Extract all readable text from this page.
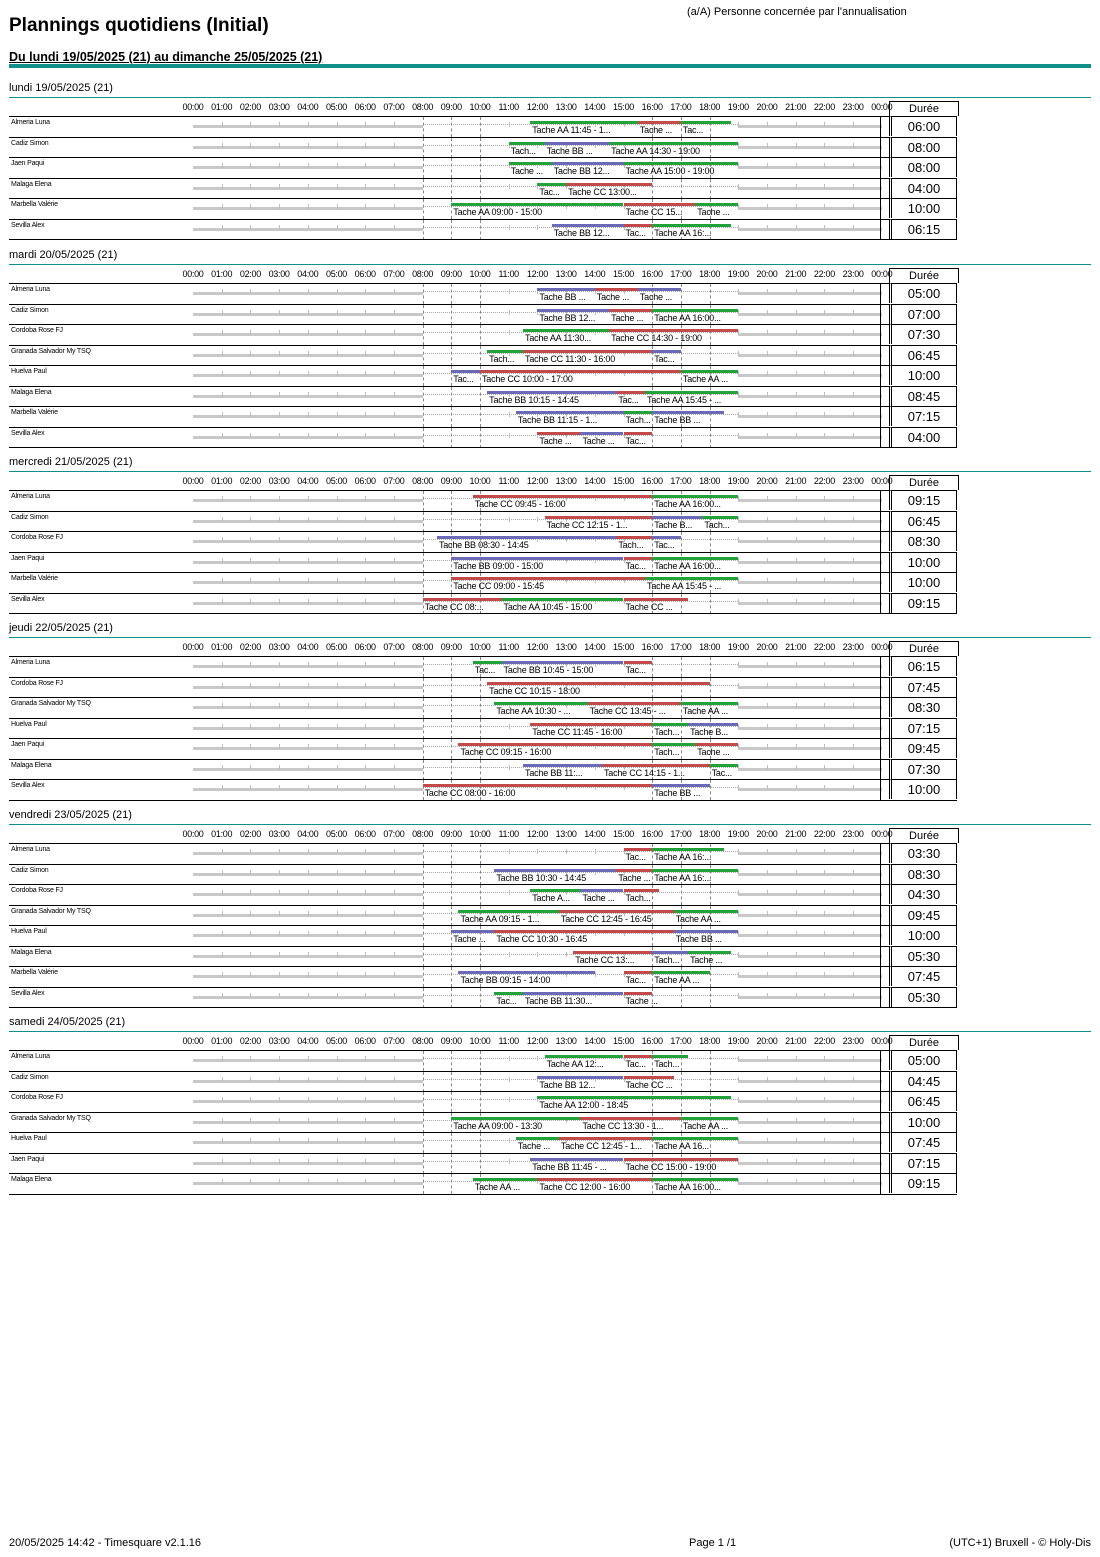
Plannings quotidiens (Initial)
(a/A) Personne concernée par l'annualisation
Du lundi 19/05/2025 (21) au dimanche 25/05/2025 (21)
lundi 19/05/2025 (21)
00:00 01:00 02:00 03:00 04:00 05:00 06:00 07:00 08:00 09:00 10:00 11:00 12:00 13:00 14:00 15:00 16:00 17:00 18:00 19:00 20:00 21:00 22:00 23:00 00:00	Durée
Almeria Luna
Tache AA 11:45 - 1...	Tache ... Tac...	06:00
Cadiz Simon
Tach... Tache BB ... Tache AA 14:30 - 19:00	08:00
Jaen Paqui
Tache ... Tache BB 12... Tache AA 15:00 - 19:00	08:00
Malaga Elena
Tac... Tache CC 13:00...	04:00
Marbella Valérie
Tache AA 09:00 - 15:00	Tache CC 15... Tache ...	10:00
Sevilla Alex
Tache BB 12... Tac... Tache AA 16:...	06:15
mardi 20/05/2025 (21)
00:00 01:00 02:00 03:00 04:00 05:00 06:00 07:00 08:00 09:00 10:00 11:00 12:00 13:00 14:00 15:00 16:00 17:00 18:00 19:00 20:00 21:00 22:00 23:00 00:00	Durée
Almeria Luna
Tache BB ... Tache ... Tache ...	05:00
Cadiz Simon
Tache BB 12... Tache ... Tache AA 16:00...	07:00
Cordoba Rose FJ
Tache AA 11:30... Tache CC 14:30 - 19:00	07:30
Granada Salvador My TSQ
Tach... Tache CC 11:30 - 16:00	Tac...	06:45
Huelva Paul
Tac... Tache CC 10:00 - 17:00	Tache AA ...	10:00
Malaga Elena
Tache BB 10:15 - 14:45	Tac... Tache AA 15:45 - ...	08:45
Marbella Valérie
Tache BB 11:15 - 1...	Tach... Tache BB ...	07:15
Sevilla Alex
Tache ... Tache ... Tac...	04:00
mercredi 21/05/2025 (21)
00:00 01:00 02:00 03:00 04:00 05:00 06:00 07:00 08:00 09:00 10:00 11:00 12:00 13:00 14:00 15:00 16:00 17:00 18:00 19:00 20:00 21:00 22:00 23:00 00:00	Durée
Almeria Luna
Tache CC 09:45 - 16:00	Tache AA 16:00...	09:15
Cadiz Simon
Tache CC 12:15 - 1...	Tache B... Tach...	06:45
Cordoba Rose FJ
Tache BB 08:30 - 14:45	Tach... Tac...	08:30
Jaen Paqui
Tache BB 09:00 - 15:00	Tac... Tache AA 16:00...	10:00
Marbella Valérie
Tache CC 09:00 - 15:45	Tache AA 15:45 - ...	10:00
Sevilla Alex
Tache CC 08:... Tache AA 10:45 - 15:00	Tache CC ...	09:15
jeudi 22/05/2025 (21)
00:00 01:00 02:00 03:00 04:00 05:00 06:00 07:00 08:00 09:00 10:00 11:00 12:00 13:00 14:00 15:00 16:00 17:00 18:00 19:00 20:00 21:00 22:00 23:00 00:00	Durée
Almeria Luna
Tac... Tache BB 10:45 - 15:00	Tac...	06:15
Cordoba Rose FJ
Tache CC 10:15 - 18:00	07:45
Granada Salvador My TSQ
Tache AA 10:30 - ... Tache CC 13:45 - ... Tache AA ...	08:30
Huelva Paul
Tache CC 11:45 - 16:00	Tach... Tache B...	07:15
Jaen Paqui
Tache CC 09:15 - 16:00	Tach... Tache ...	09:45
Malaga Elena
Tache BB 11:... Tache CC 14:15 - 1...	Tac...	07:30
Sevilla Alex
Tache CC 08:00 - 16:00	Tache BB ...	10:00
vendredi 23/05/2025 (21)
00:00 01:00 02:00 03:00 04:00 05:00 06:00 07:00 08:00 09:00 10:00 11:00 12:00 13:00 14:00 15:00 16:00 17:00 18:00 19:00 20:00 21:00 22:00 23:00 00:00	Durée
Almeria Luna
Tac... Tache AA 16:...	03:30
Cadiz Simon
Tache BB 10:30 - 14:45	Tache ... Tache AA 16:...	08:30
Cordoba Rose FJ
Tache A... Tache ... Tach...	04:30
Granada Salvador My TSQ
Tache AA 09:15 - 1... Tache CC 12:45 - 16:45	Tache AA ...	09:45
Huelva Paul
Tache ... Tache CC 10:30 - 16:45	Tache BB ...	10:00
Malaga Elena
Tache CC 13:... Tach... Tache ...	05:30
Marbella Valérie
Tache BB 09:15 - 14:00	Tac... Tache AA ...	07:45
Sevilla Alex
Tac... Tache BB 11:30...	Tache ...	05:30
samedi 24/05/2025 (21)
00:00 01:00 02:00 03:00 04:00 05:00 06:00 07:00 08:00 09:00 10:00 11:00 12:00 13:00 14:00 15:00 16:00 17:00 18:00 19:00 20:00 21:00 22:00 23:00 00:00	Durée
Almeria Luna
Tache AA 12:... Tac... Tach...	05:00
Cadiz Simon
Tache BB 12...	Tache CC ...	04:45
Cordoba Rose FJ
Tache AA 12:00 - 18:45	06:45
Granada Salvador My TSQ
Tache AA 09:00 - 13:30	Tache CC 13:30 - 1... Tache AA ...	10:00
Huelva Paul
Tache ... Tache CC 12:45 - 1... Tache AA 16...	07:45
Jaen Paqui
Tache BB 11:45 - ... Tache CC 15:00 - 19:00	07:15
Malaga Elena
Tache AA ... Tache CC 12:00 - 16:00	Tache AA 16:00...	09:15
20/05/2025 14:42 - Timesquare v2.1.16	Page 1 /1	(UTC+1) Bruxell - © Holy-Dis
